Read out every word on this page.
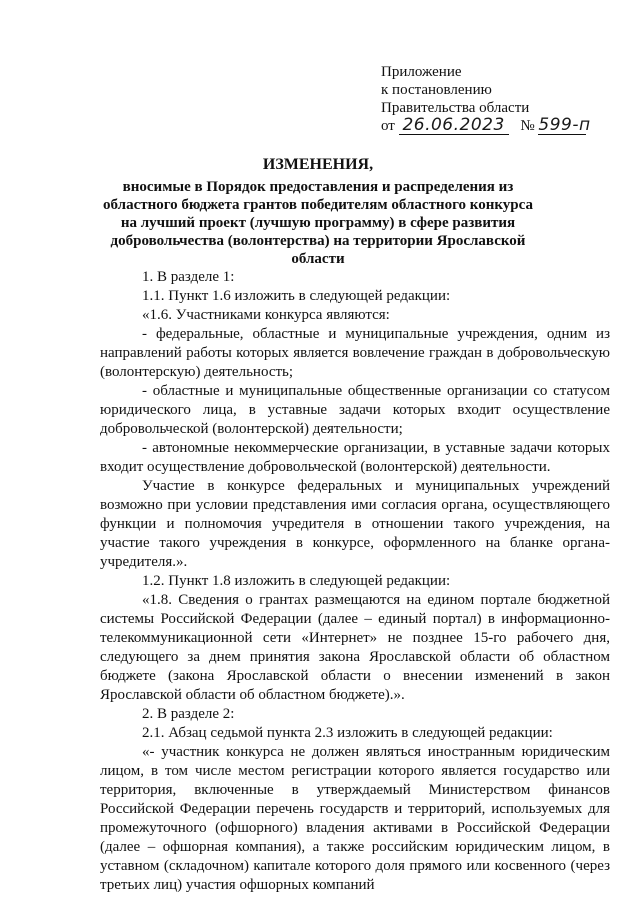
Приложение
к постановлению
Правительства области
от 26.06.2023 № 599-п
ИЗМЕНЕНИЯ,
вносимые в Порядок предоставления и распределения из областного бюджета грантов победителям областного конкурса на лучший проект (лучшую программу) в сфере развития добровольчества (волонтерства) на территории Ярославской области

1. В разделе 1:

1.1. Пункт 1.6 изложить в следующей редакции:

«1.6. Участниками конкурса являются:

- федеральные, областные и муниципальные учреждения, одним из направлений работы которых является вовлечение граждан в добровольческую (волонтерскую) деятельность;

- областные и муниципальные общественные организации со статусом юридического лица, в уставные задачи которых входит осуществление добровольческой (волонтерской) деятельности;

- автономные некоммерческие организации, в уставные задачи которых входит осуществление добровольческой (волонтерской) деятельности.

Участие в конкурсе федеральных и муниципальных учреждений возможно при условии представления ими согласия органа, осуществляющего функции и полномочия учредителя в отношении такого учреждения, на участие такого учреждения в конкурсе, оформленного на бланке органа-учредителя.».

1.2. Пункт 1.8 изложить в следующей редакции:

«1.8. Сведения о грантах размещаются на едином портале бюджетной системы Российской Федерации (далее – единый портал) в информационно-телекоммуникационной сети «Интернет» не позднее 15-го рабочего дня, следующего за днем принятия закона Ярославской области об областном бюджете (закона Ярославской области о внесении изменений в закон Ярославской области об областном бюджете).».

2. В разделе 2:

2.1. Абзац седьмой пункта 2.3 изложить в следующей редакции:

«- участник конкурса не должен являться иностранным юридическим лицом, в том числе местом регистрации которого является государство или территория, включенные в утверждаемый Министерством финансов Российской Федерации перечень государств и территорий, используемых для промежуточного (офшорного) владения активами в Российской Федерации (далее – офшорная компания), а также российским юридическим лицом, в уставном (складочном) капитале которого доля прямого или косвенного (через третьих лиц) участия офшорных компаний
